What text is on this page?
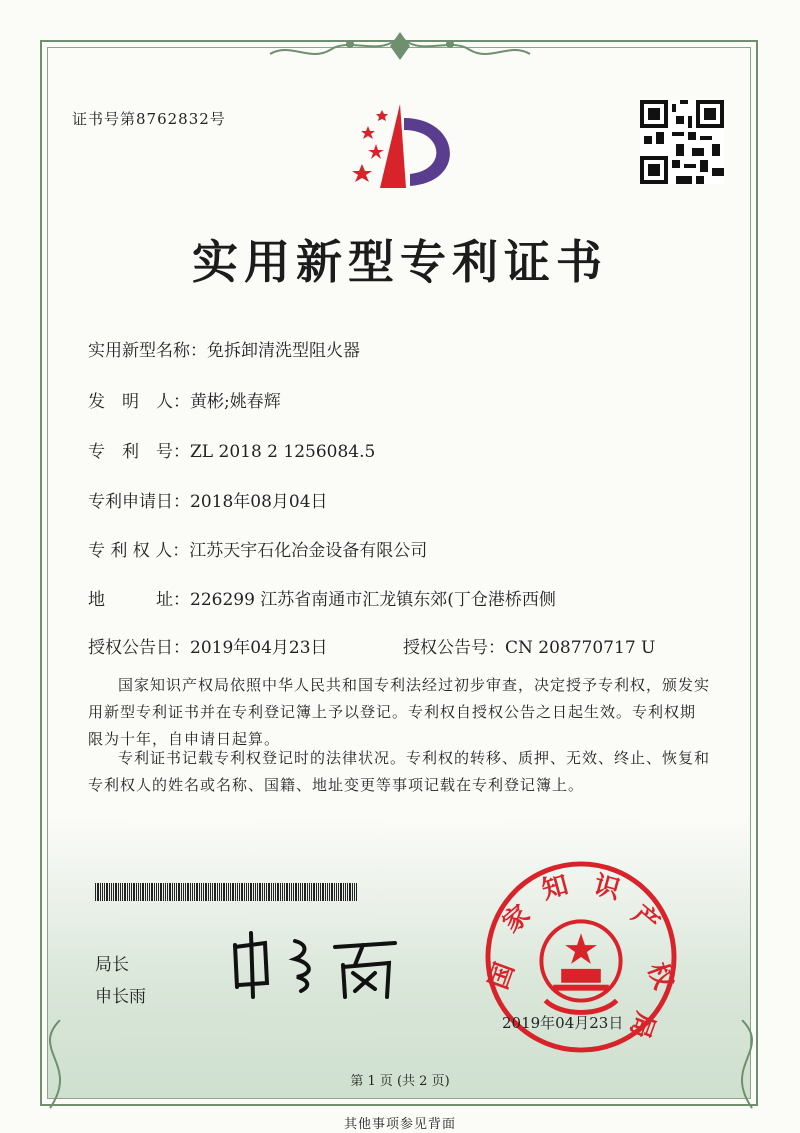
证书号第8762832号
实用新型专利证书
实用新型名称：免拆卸清洗型阻火器
发　明　人：黄彬;姚春辉
专　利　号：ZL 2018 2 1256084.5
专利申请日：2018年08月04日
专 利 权 人：江苏天宇石化冶金设备有限公司
地　　　址：226299 江苏省南通市汇龙镇东郊(丁仓港桥西侧
授权公告日：2019年04月23日	授权公告号：CN 208770717 U
国家知识产权局依照中华人民共和国专利法经过初步审查，决定授予专利权，颁发实用新型专利证书并在专利登记簿上予以登记。专利权自授权公告之日起生效。专利权期限为十年，自申请日起算。
专利证书记载专利权登记时的法律状况。专利权的转移、质押、无效、终止、恢复和专利权人的姓名或名称、国籍、地址变更等事项记载在专利登记簿上。
局长
申长雨
国
家
知 识
产
权
局
2019年04月23日
第 1 页 (共 2 页)
其他事项参见背面
